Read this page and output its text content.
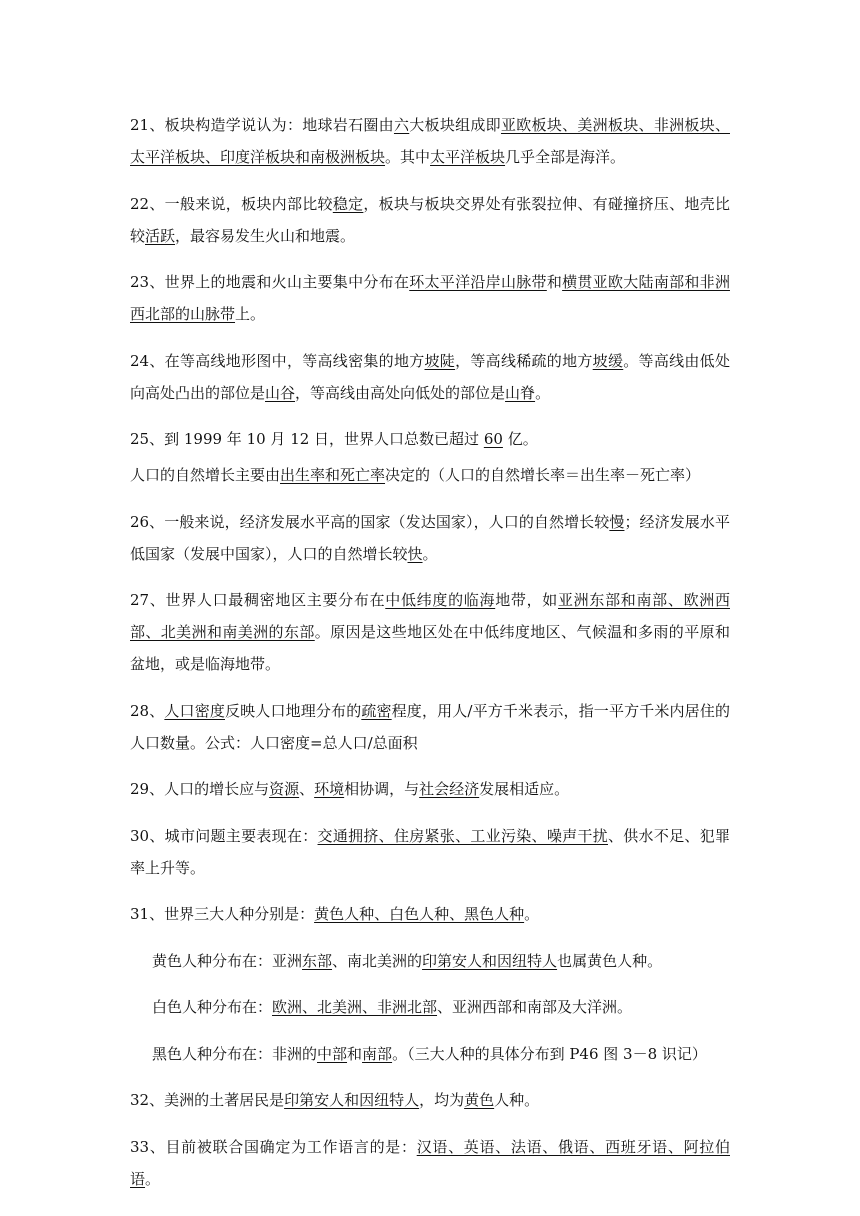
21、板块构造学说认为：地球岩石圈由六大板块组成即亚欧板块、美洲板块、非洲板块、太平洋板块、印度洋板块和南极洲板块。其中太平洋板块几乎全部是海洋。

22、一般来说，板块内部比较稳定，板块与板块交界处有张裂拉伸、有碰撞挤压、地壳比较活跃，最容易发生火山和地震。

23、世界上的地震和火山主要集中分布在环太平洋沿岸山脉带和横贯亚欧大陆南部和非洲西北部的山脉带上。

24、在等高线地形图中，等高线密集的地方坡陡，等高线稀疏的地方坡缓。等高线由低处向高处凸出的部位是山谷，等高线由高处向低处的部位是山脊。

25、到 1999 年 10 月 12 日，世界人口总数已超过 60 亿。

人口的自然增长主要由出生率和死亡率决定的（人口的自然增长率＝出生率－死亡率）

26、一般来说，经济发展水平高的国家（发达国家），人口的自然增长较慢；经济发展水平低国家（发展中国家），人口的自然增长较快。

27、世界人口最稠密地区主要分布在中低纬度的临海地带，如亚洲东部和南部、欧洲西部、北美洲和南美洲的东部。原因是这些地区处在中低纬度地区、气候温和多雨的平原和盆地，或是临海地带。

28、人口密度反映人口地理分布的疏密程度，用人/平方千米表示，指一平方千米内居住的人口数量。公式：人口密度=总人口/总面积

29、人口的增长应与资源、环境相协调，与社会经济发展相适应。

30、城市问题主要表现在：交通拥挤、住房紧张、工业污染、噪声干扰、供水不足、犯罪率上升等。

31、世界三大人种分别是：黄色人种、白色人种、黑色人种。

黄色人种分布在：亚洲东部、南北美洲的印第安人和因纽特人也属黄色人种。

白色人种分布在：欧洲、北美洲、非洲北部、亚洲西部和南部及大洋洲。

黑色人种分布在：非洲的中部和南部。（三大人种的具体分布到 P46 图 3－8 识记）

32、美洲的土著居民是印第安人和因纽特人，均为黄色人种。

33、目前被联合国确定为工作语言的是：汉语、英语、法语、俄语、西班牙语、阿拉伯语。
